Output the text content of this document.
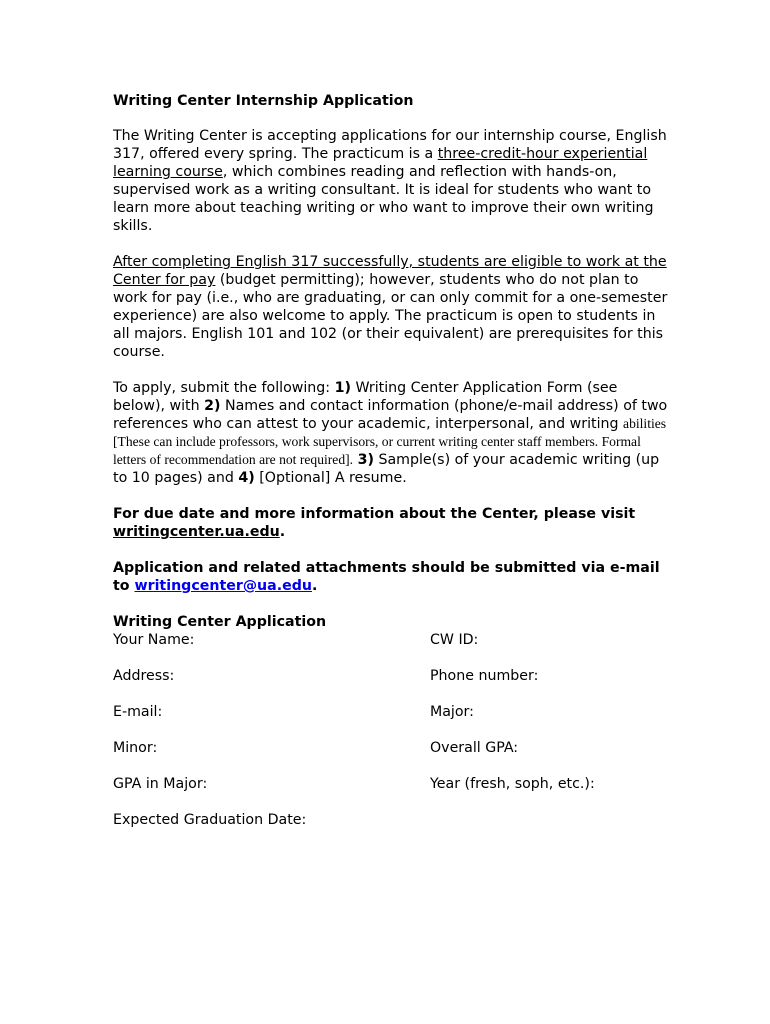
Writing Center Internship Application

The Writing Center is accepting applications for our internship course, English 317, offered every spring. The practicum is a three-credit-hour experiential learning course, which combines reading and reflection with hands-on, supervised work as a writing consultant. It is ideal for students who want to learn more about teaching writing or who want to improve their own writing skills.

After completing English 317 successfully, students are eligible to work at the Center for pay (budget permitting); however, students who do not plan to work for pay (i.e., who are graduating, or can only commit for a one-semester experience) are also welcome to apply. The practicum is open to students in all majors. English 101 and 102 (or their equivalent) are prerequisites for this course.

To apply, submit the following: 1) Writing Center Application Form (see below), with 2) Names and contact information (phone/e-mail address) of two references who can attest to your academic, interpersonal, and writing abilities [These can include professors, work supervisors, or current writing center staff members. Formal letters of recommendation are not required]. 3) Sample(s) of your academic writing (up to 10 pages) and 4) [Optional] A resume.

For due date and more information about the Center, please visit writingcenter.ua.edu.

Application and related attachments should be submitted via e-mail to writingcenter@ua.edu.

Writing Center Application

Your Name:	CW ID:
Address:	Phone number:
E-mail:	Major:
Minor:	Overall GPA:
GPA in Major:	Year (fresh, soph, etc.):
Expected Graduation Date:
